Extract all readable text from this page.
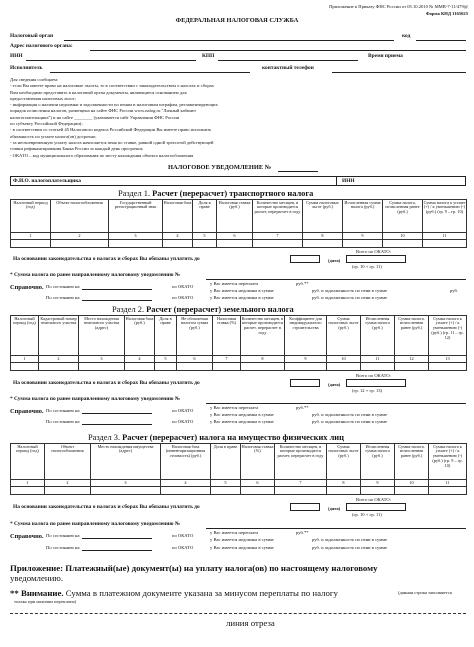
Приложение к Приказу ФНС России от 05.10.2010 № ММВ-7-11/479@
Форма КНД 1165025
ФЕДЕРАЛЬНАЯ НАЛОГОВАЯ СЛУЖБА
Налоговый орган	код
Адрес налогового органа:
ИНН	КПП	Время приема
Исполнитель	контактный телефон
Для сведения сообщаем:
- если Вы имеете право на налоговые льготы, то в соответствии с законодательством о налогах и сборах
Вам необходимо представить в налоговый орган документы, являющиеся основанием для
предоставления налоговых льгот;
- информация о наличии недоимки и задолженности по пеням и налоговым штрафам, регламентирующих
порядок исчисления налогов, размещена на сайте ФНС России www.nalog.ru "Личный кабинет
налогоплательщика") и на сайте ________ (указывается сайт Управления ФНС России
по субъекту Российской Федерации);
- в соответствии со статьей 45 Налогового кодекса Российской Федерации Вы имеете право исполнить
обязанность по уплате налога(ов) досрочно;
- за несвоевременную уплату налога начисляется пеня по ставке, равной одной трехсотой действующей
ставки рефинансирования Банка России за каждый день просрочки;
- ОКАТО – код муниципального образования по месту нахождения объекта налогообложения
НАЛОГОВОЕ УВЕДОМЛЕНИЕ №
Ф.И.О. налогоплательщика	ИНН
Раздел 1. Расчет (перерасчет) транспортного налога
Налоговый период (год)	Объект налогообложения	Государственный регистрационный знак	Налоговая база	Доля в праве	Налоговая ставка (руб.)	Количество месяцев, в которые производится расчет, перерасчет в году	Сумма налоговых льгот (руб.)	Исчисленная сумма налога (руб.)	Сумма налога, исчисленная ранее (руб.)	Сумма налога к уплате (+) / к уменьшению (-) (руб.) (гр. 9 – гр. 10)
1	2	3	4	5	6	7	8	9	10	11

Всего по ОКАТО:
На основании законодательства о налогах и сборах Вы обязаны уплатить до	(дата)
(гр. 10 + гр. 11)
* Сумма налога по ранее направленному налоговому уведомлению №
Справочно. По состоянию на	по ОКАТО
у Вас имеется переплата	руб.**
у Вас имеется недоимка в сумме	руб. и задолженность по пени в сумме	руб.
По состоянию на	по ОКАТО	у Вас имеется недоимка в сумме	руб. и задолженность по пени в сумме
Раздел 2. Расчет (перерасчет) земельного налога
Налоговый период (год)	Кадастровый номер земельного участка	Место нахождения земельного участка (адрес)	Налоговая база (руб.)	Доля в праве	Не облагаемая налогом сумма (руб.)	Налоговая ставка (%)	Количество месяцев, в которые производится расчет, перерасчет в году	Коэффициент для индивидуального строительства	Сумма налоговых льгот (руб.)	Исчисленная сумма налога (руб.)	Сумма налога, исчисленная ранее (руб.)	Сумма налога к уплате (+) / к уменьшению (-) (руб.) (гр. 11 – гр. 12)
1	2	3	4	5	6	7	8	9	10	11	12	13

Всего по ОКАТО:
На основании законодательства о налогах и сборах Вы обязаны уплатить до	(дата)
(гр. 12 + гр. 13)
* Сумма налога по ранее направленному налоговому уведомлению №
Справочно. По состоянию на	по ОКАТО
у Вас имеется переплата	руб.**
у Вас имеется недоимка в сумме	руб. и задолженность по пени в сумме
По состоянию на	по ОКАТО	у Вас имеется недоимка в сумме	руб. и задолженность по пени в сумме
Раздел 3. Расчет (перерасчет) налога на имущество физических лиц
Налоговый период (год)	Объект налогообложения	Место нахождения имущества (адрес)	Налоговая база (инвентаризационная стоимость) (руб.)	Доля в праве	Налоговая ставка (%)	Количество месяцев, в которые производится расчет, перерасчет в году	Сумма налоговых льгот (руб.)	Исчисленная сумма налога (руб.)	Сумма налога, исчисленная ранее (руб.)	Сумма налога к уплате (+) / к уменьшению (-) (руб.) (гр. 9 – гр. 10)
1	2	3	4	5	6	7	8	9	10	11

Всего по ОКАТО:
На основании законодательства о налогах и сборах Вы обязаны уплатить до	(дата)
(гр. 10 + гр. 11)
* Сумма налога по ранее направленному налоговому уведомлению №
Справочно. По состоянию на	по ОКАТО
у Вас имеется переплата	руб.**
у Вас имеется недоимка в сумме	руб. и задолженность по пени в сумме
По состоянию на	по ОКАТО	у Вас имеется недоимка в сумме	руб. и задолженность по пени в сумме
Приложение: Платежный(ые) документ(ы) на уплату налога(ов) по настоящему налоговому
уведомлению.
** Внимание. Сумма в платежном документе указана за минусом переплаты по налогу	(данная строка заполняется
только при наличии переплаты)
линия отреза
